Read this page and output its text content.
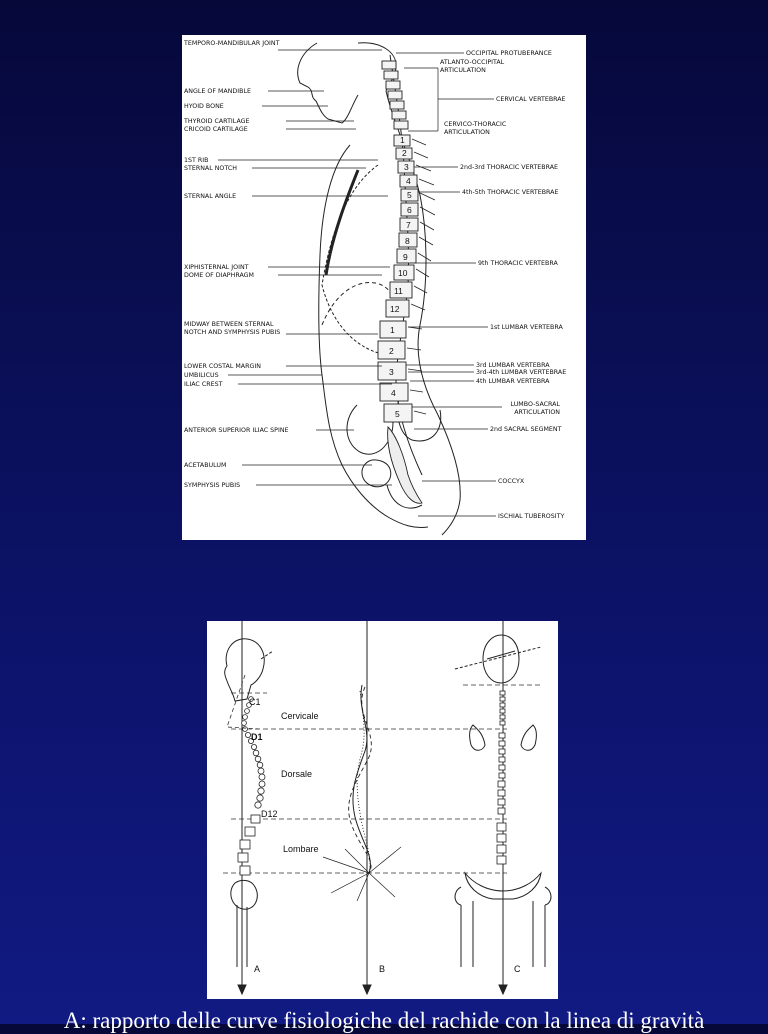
1
2
3
4
5
6
7
8
9
10
11
12
1
2
3
4
5
TEMPORO-MANDIBULAR JOINT
ANGLE OF MANDIBLE
HYOID BONE
THYROID CARTILAGE
CRICOID CARTILAGE
1ST RIB
STERNAL NOTCH
STERNAL ANGLE
XIPHISTERNAL JOINT
DOME OF DIAPHRAGM
MIDWAY BETWEEN STERNAL NOTCH AND SYMPHYSIS PUBIS
LOWER COSTAL MARGIN
UMBILICUS
ILIAC CREST
ANTERIOR SUPERIOR ILIAC SPINE
ACETABULUM
SYMPHYSIS PUBIS
OCCIPITAL PROTUBERANCE
ATLANTO-OCCIPITAL ARTICULATION
CERVICAL VERTEBRAE
CERVICO-THORACIC ARTICULATION
2nd-3rd THORACIC VERTEBRAE
4th-5th THORACIC VERTEBRAE
9th THORACIC VERTEBRA
1st LUMBAR VERTEBRA
3rd LUMBAR VERTEBRA
3rd-4th LUMBAR VERTEBRAE
4th LUMBAR VERTEBRA
LUMBO-SACRAL ARTICULATION
2nd SACRAL SEGMENT
COCCYX
ISCHIAL TUBEROSITY
Cervicale
Dorsale
Lombare
C1
D1
D12
A	B	C
A: rapporto delle curve fisiologiche del rachide con la linea di gravità
